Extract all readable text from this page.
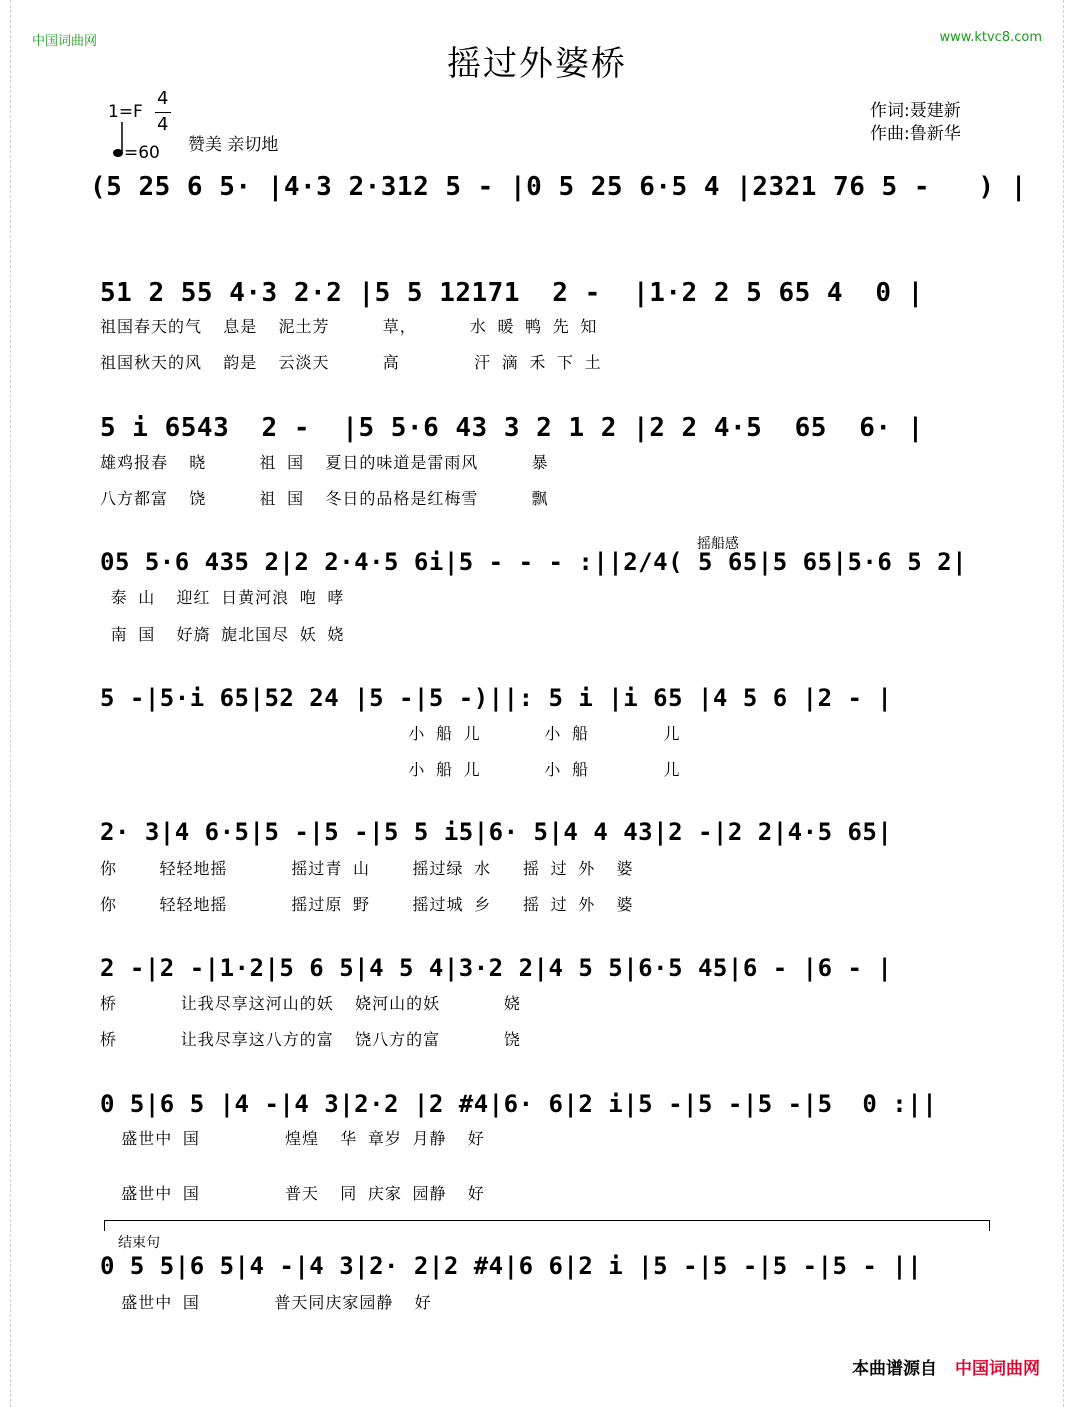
中国词曲网	www.ktvc8.com
摇过外婆桥
1=F
4
4
=60 赞美 亲切地
作词:聂建新
作曲:鲁新华
(5 25 6 5· |4·3 2·312 5 - |0 5 25 6·5 4 |2321 76 5 -   ) |
51 2 55 4·3 2·2 |5 5 12171  2 -  |1·2 2 5 65 4  0 |
祖国春天的气  息是  泥土芳     草，     水 暖 鸭 先 知
祖国秋天的风  韵是  云淡天     高       汗 滴 禾 下 土
5 i 6543  2 -  |5 5·6 43 3 2 1 2 |2 2 4·5  65  6· |
雄鸡报春  晓     祖 国  夏日的味道是雷雨风     暴
八方都富  饶     祖 国  冬日的品格是红梅雪     飘
摇船感
05 5·6 435 2|2 2·4·5 6i|5 - - - :||2/4( 5 65|5 65|5·6 5 2|
泰 山  迎红 日黄河浪 咆 哮
南 国  好旖 旎北国尽 妖 娆
5 -|5·i 65|52 24 |5 -|5 -)||: 5 i |i 65 |4 5 6 |2 - |
小 船 儿      小 船       儿
小 船 儿      小 船       儿
2· 3|4 6·5|5 -|5 -|5 5 i5|6· 5|4 4 43|2 -|2 2|4·5 65|
你    轻轻地摇      摇过青 山    摇过绿 水   摇 过 外  婆
你    轻轻地摇      摇过原 野    摇过城 乡   摇 过 外  婆
2 -|2 -|1·2|5 6 5|4 5 4|3·2 2|4 5 5|6·5 45|6 - |6 - |
桥      让我尽享这河山的妖  娆河山的妖      娆
桥      让我尽享这八方的富  饶八方的富      饶
0 5|6 5 |4 -|4 3|2·2 |2 #4|6· 6|2 i|5 -|5 -|5 -|5  0 :||
盛世中 国        煌煌  华 章岁 月静  好
盛世中 国        普天  同 庆家 园静  好
结束句
0 5 5|6 5|4 -|4 3|2· 2|2 #4|6 6|2 i |5 -|5 -|5 -|5 - ||
盛世中 国       普天同庆家园静  好
本曲谱源自 中国词曲网
